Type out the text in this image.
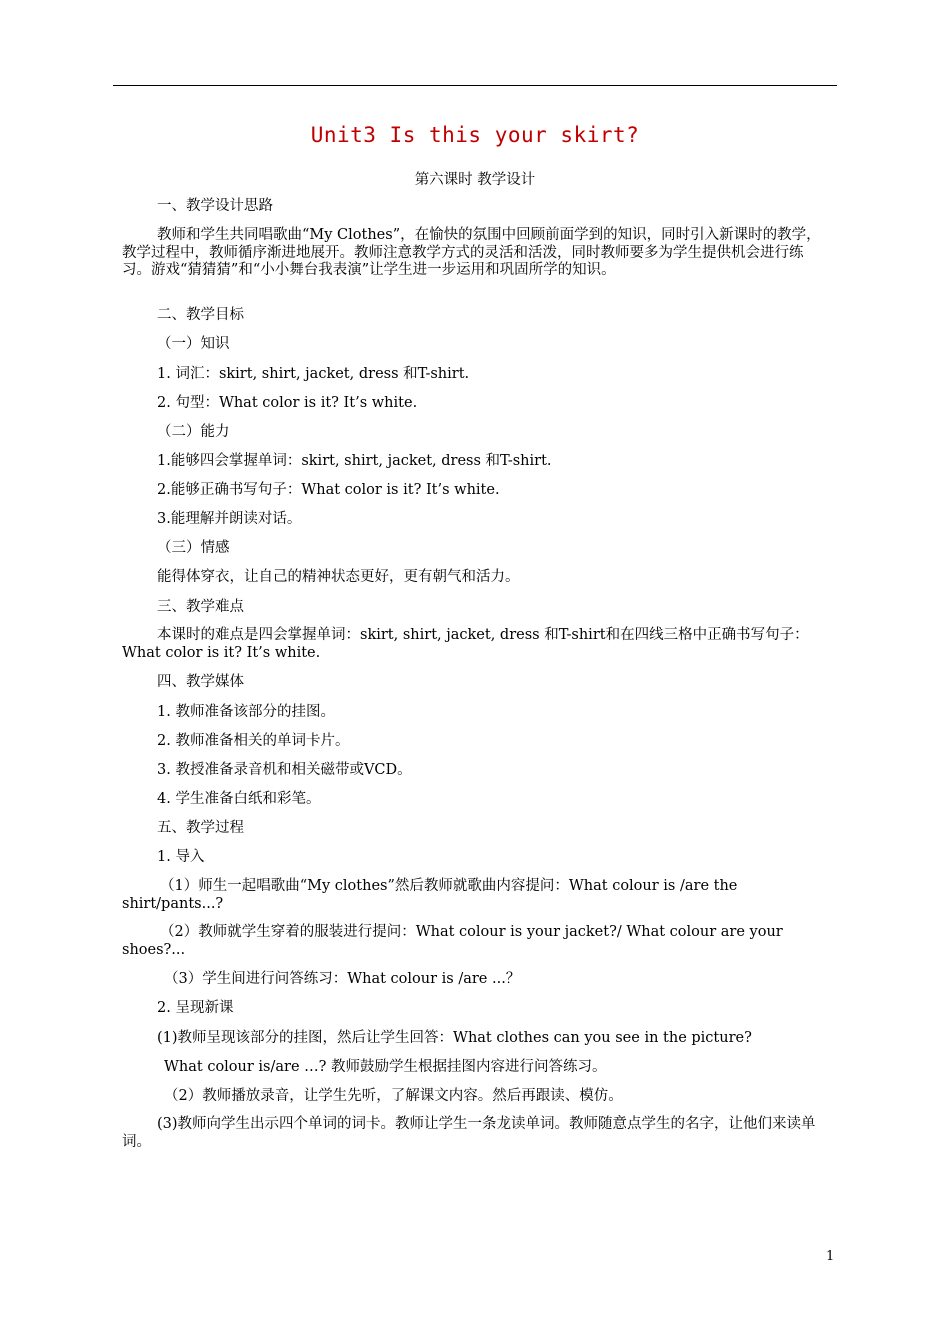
Unit3 Is this your skirt?
第六课时 教学设计
一、教学设计思路
教师和学生共同唱歌曲“My Clothes”，在愉快的氛围中回顾前面学到的知识，同时引入新课时的教学，教学过程中，教师循序渐进地展开。教师注意教学方式的灵活和活泼，同时教师要多为学生提供机会进行练习。游戏“猜猜猜”和“小小舞台我表演”让学生进一步运用和巩固所学的知识。
二、教学目标
（一）知识
1. 词汇：skirt, shirt, jacket, dress 和T-shirt.
2. 句型：What color is it? It’s white.
（二）能力
1.能够四会掌握单词：skirt, shirt, jacket, dress 和T-shirt.
2.能够正确书写句子：What color is it? It’s white.
3.能理解并朗读对话。
（三）情感
能得体穿衣，让自己的精神状态更好，更有朝气和活力。
三、教学难点
本课时的难点是四会掌握单词：skirt, shirt, jacket, dress 和T-shirt和在四线三格中正确书写句子：What color is it? It’s white.
四、教学媒体
1. 教师准备该部分的挂图。
2. 教师准备相关的单词卡片。
3. 教授准备录音机和相关磁带或VCD。
4. 学生准备白纸和彩笔。
五、教学过程
1. 导入
（1）师生一起唱歌曲“My clothes”然后教师就歌曲内容提问：What colour is /are the shirt/pants...?
（2）教师就学生穿着的服装进行提问：What colour is your jacket?/ What colour are your shoes?...
（3）学生间进行问答练习：What colour is /are ...？
2. 呈现新课
(1)教师呈现该部分的挂图，然后让学生回答：What clothes can you see in the picture?
What colour is/are …? 教师鼓励学生根据挂图内容进行问答练习。
（2）教师播放录音，让学生先听，了解课文内容。然后再跟读、模仿。
(3)教师向学生出示四个单词的词卡。教师让学生一条龙读单词。教师随意点学生的名字，让他们来读单词。
1
